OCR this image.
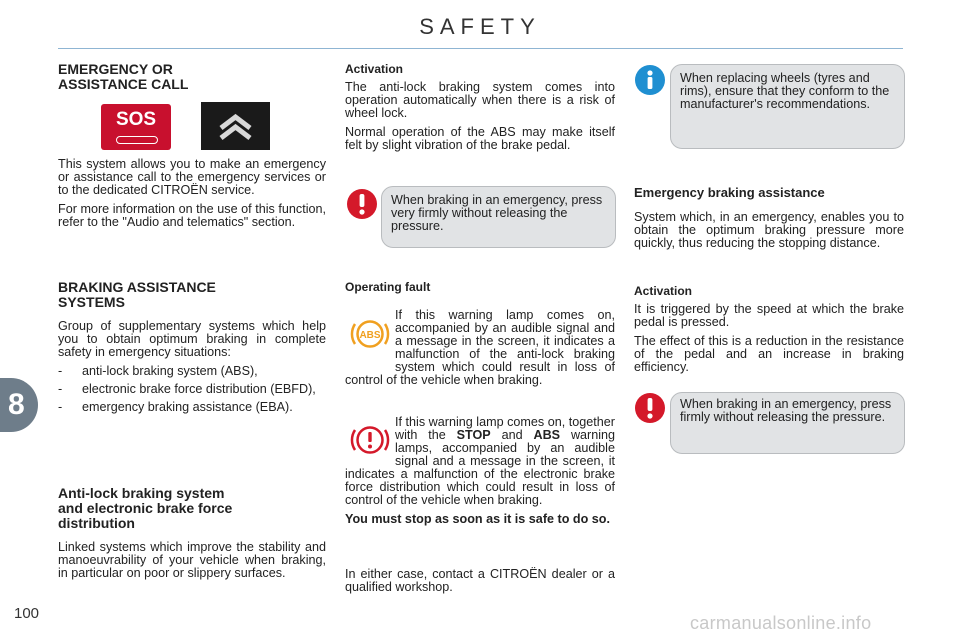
SAFETY
8
100	carmanualsonline.info
EMERGENCY OR
ASSISTANCE CALL
SOS

This system allows you to make an emergency or assistance call to the emergency services or to the dedicated CITROËN service.

For more information on the use of this function, refer to the "Audio and telematics" section.

BRAKING ASSISTANCE
SYSTEMS

Group of supplementary systems which help you to obtain optimum braking in complete safety in emergency situations:

- anti-lock braking system (ABS),
- electronic brake force distribution (EBFD),
- emergency braking assistance (EBA).
Anti-lock braking system
and electronic brake force
distribution

Linked systems which improve the stability and manoeuvrability of your vehicle when braking, in particular on poor or slippery surfaces.

Activation

The anti-lock braking system comes into operation automatically when there is a risk of wheel lock.

Normal operation of the ABS may make itself felt by slight vibration of the brake pedal.

When braking in an emergency, press very firmly without releasing the pressure.
Operating fault

If this warning lamp comes on, accompanied by an audible signal and a message in the screen, it indicates a malfunction of the anti-lock braking system which could result in loss of control of the vehicle when braking.

ABS

If this warning lamp comes on, together with the STOP and ABS warning lamps, accompanied by an audible signal and a message in the screen, it indicates a malfunction of the electronic brake force distribution which could result in loss of control of the vehicle when braking.

You must stop as soon as it is safe to do so.

In either case, contact a CITROËN dealer or a qualified workshop.

When replacing wheels (tyres and rims), ensure that they conform to the manufacturer's recommendations.
Emergency braking assistance

System which, in an emergency, enables you to obtain the optimum braking pressure more quickly, thus reducing the stopping distance.

Activation

It is triggered by the speed at which the brake pedal is pressed.

The effect of this is a reduction in the resistance of the pedal and an increase in braking efficiency.

When braking in an emergency, press firmly without releasing the pressure.
